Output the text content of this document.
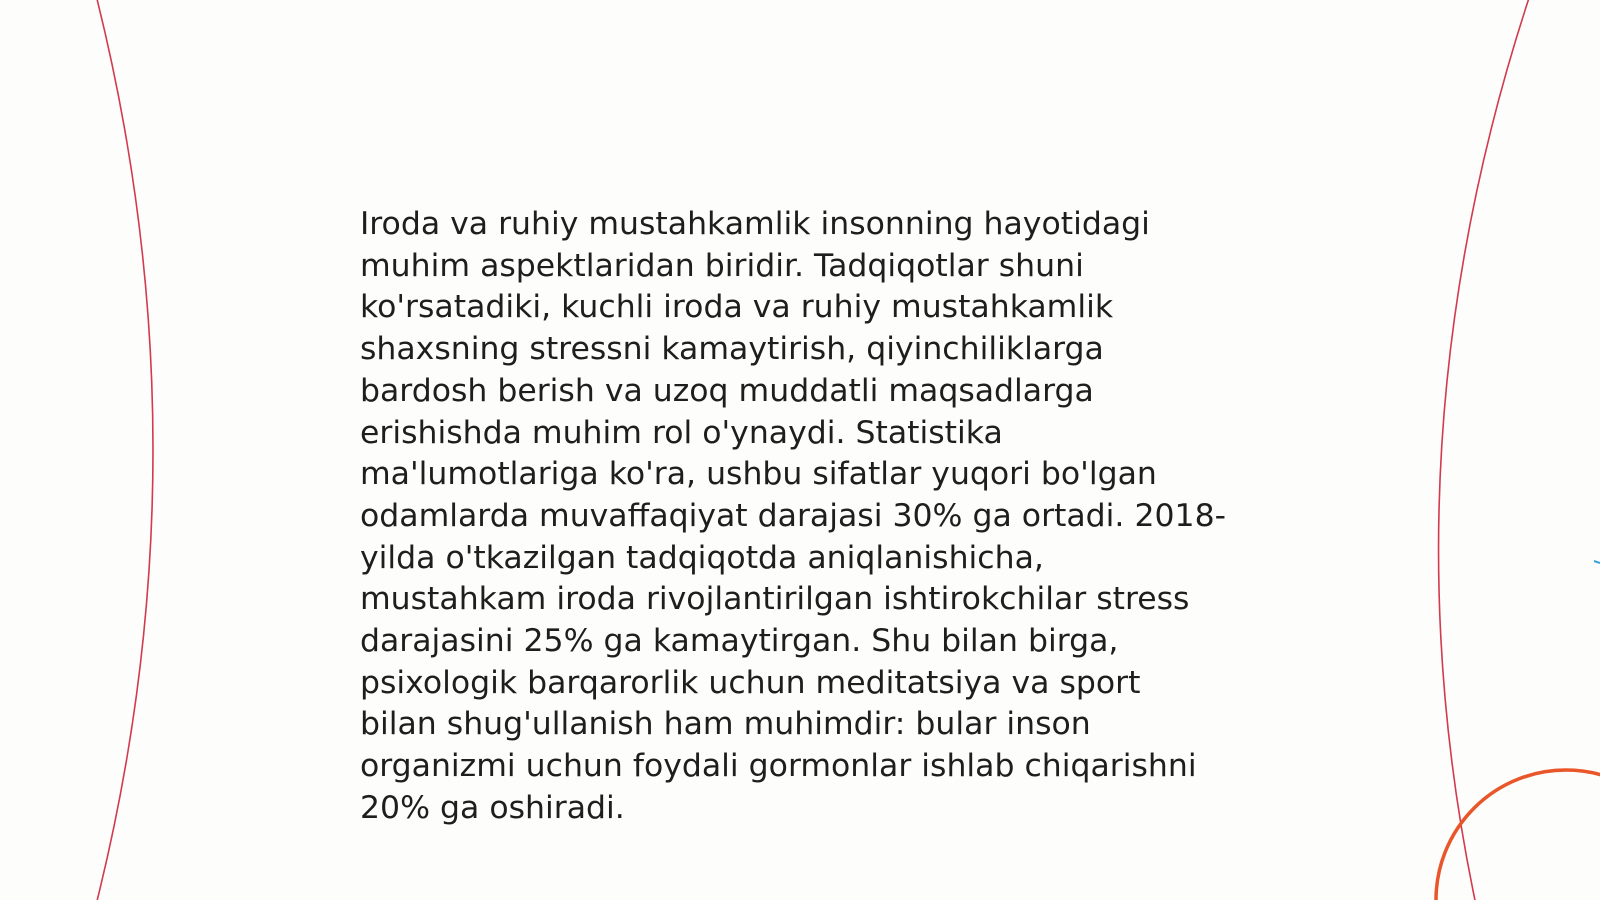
Iroda va ruhiy mustahkamlik insonning hayotidagi
muhim aspektlaridan biridir. Tadqiqotlar shuni
ko'rsatadiki, kuchli iroda va ruhiy mustahkamlik
shaxsning stressni kamaytirish, qiyinchiliklarga
bardosh berish va uzoq muddatli maqsadlarga
erishishda muhim rol o'ynaydi. Statistika
ma'lumotlariga ko'ra, ushbu sifatlar yuqori bo'lgan
odamlarda muvaffaqiyat darajasi 30% ga ortadi. 2018-
yilda o'tkazilgan tadqiqotda aniqlanishicha,
mustahkam iroda rivojlantirilgan ishtirokchilar stress
darajasini 25% ga kamaytirgan. Shu bilan birga,
psixologik barqarorlik uchun meditatsiya va sport
bilan shug'ullanish ham muhimdir: bular inson
organizmi uchun foydali gormonlar ishlab chiqarishni
20% ga oshiradi.
